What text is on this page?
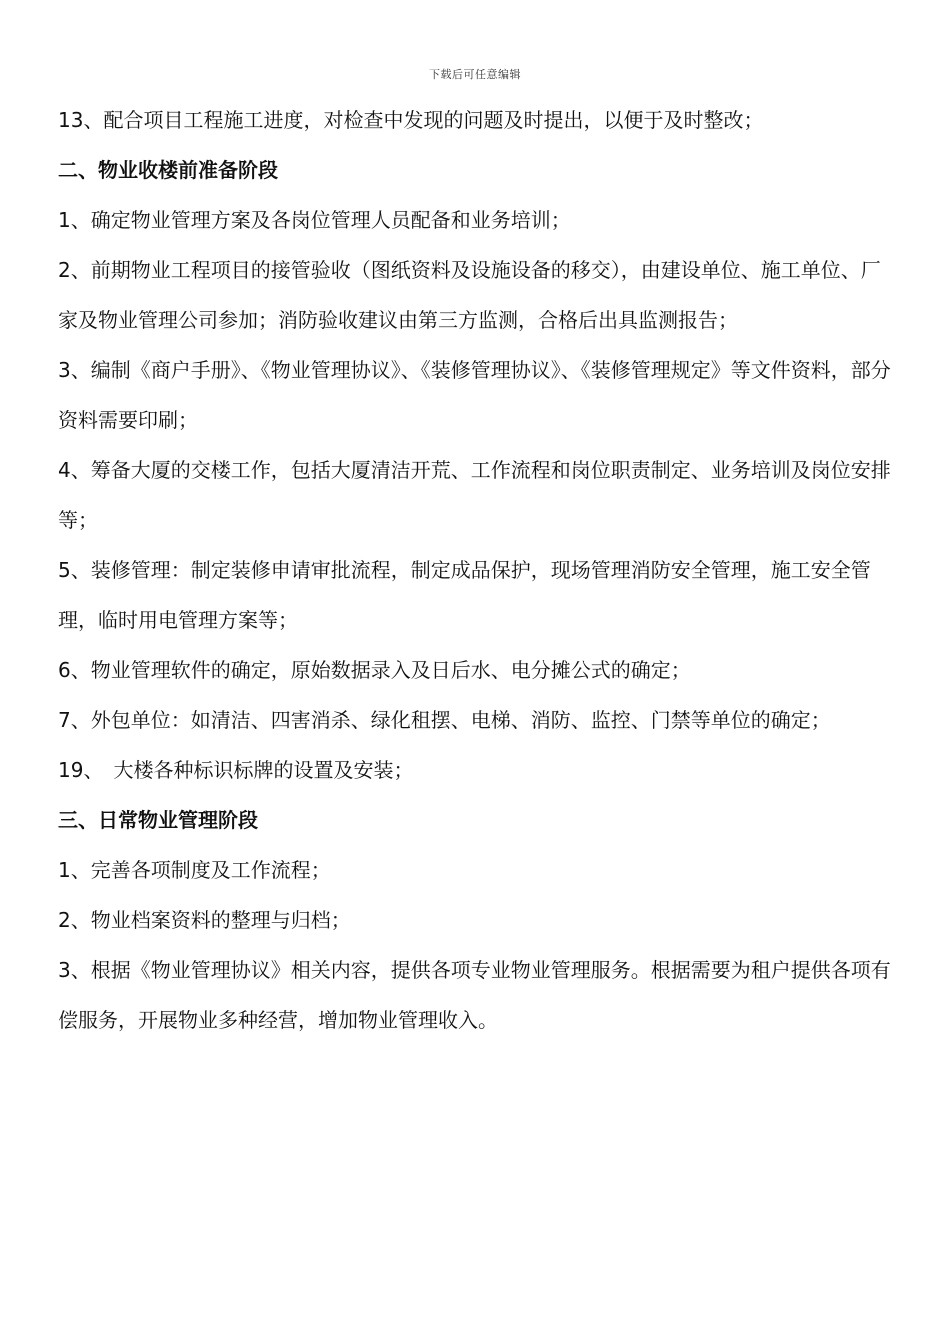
下载后可任意编辑

13、配合项目工程施工进度，对检查中发现的问题及时提出，以便于及时整改；

二、物业收楼前准备阶段

1、确定物业管理方案及各岗位管理人员配备和业务培训；

2、前期物业工程项目的接管验收（图纸资料及设施设备的移交），由建设单位、施工单位、厂家及物业管理公司参加；消防验收建议由第三方监测，合格后出具监测报告；

3、编制《商户手册》、《物业管理协议》、《装修管理协议》、《装修管理规定》等文件资料，部分资料需要印刷；

4、筹备大厦的交楼工作，包括大厦清洁开荒、工作流程和岗位职责制定、业务培训及岗位安排等；

5、装修管理：制定装修申请审批流程，制定成品保护，现场管理消防安全管理，施工安全管理，临时用电管理方案等；

6、物业管理软件的确定，原始数据录入及日后水、电分摊公式的确定；

7、外包单位：如清洁、四害消杀、绿化租摆、电梯、消防、监控、门禁等单位的确定；

19、　大楼各种标识标牌的设置及安装；

三、日常物业管理阶段

1、完善各项制度及工作流程；

2、物业档案资料的整理与归档；

3、根据《物业管理协议》相关内容，提供各项专业物业管理服务。根据需要为租户提供各项有偿服务，开展物业多种经营，增加物业管理收入。
